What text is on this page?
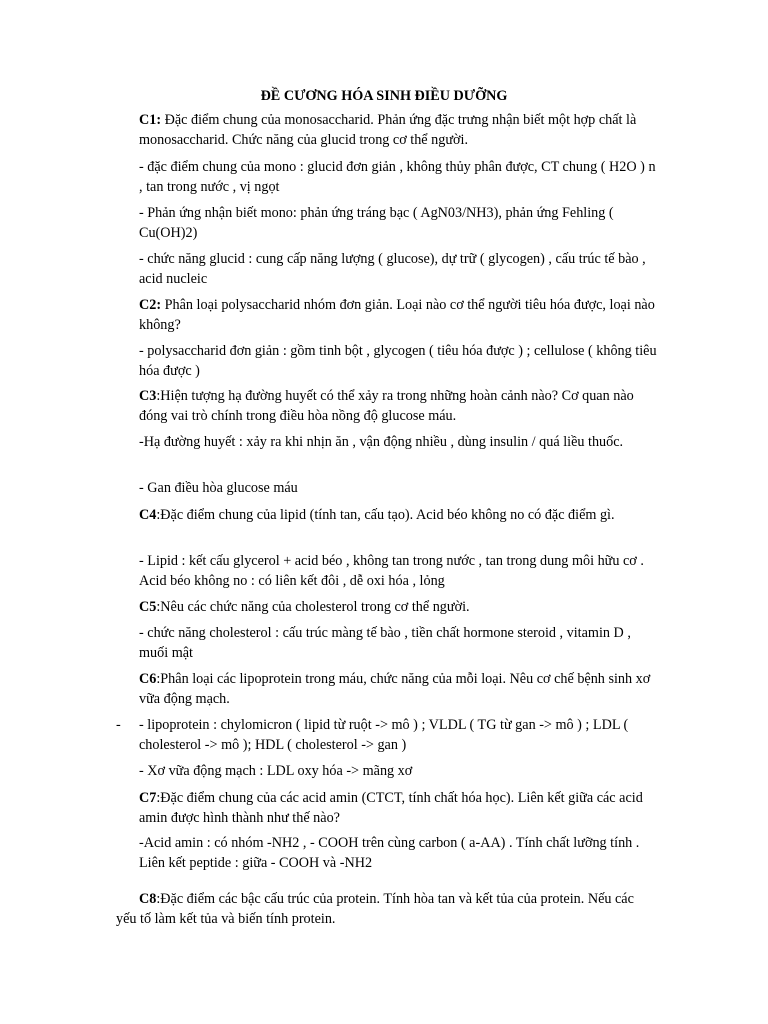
ĐỀ CƯƠNG HÓA SINH ĐIỀU DƯỠNG

C1: Đặc điểm chung của monosaccharid. Phản ứng đặc trưng nhận biết một hợp chất là monosaccharid. Chức năng của glucid trong cơ thể người.

- đặc điểm chung của mono : glucid đơn giản , không thủy phân được, CT chung ( H2O ) n , tan trong nước , vị ngọt

- Phản ứng nhận biết mono: phản ứng tráng bạc ( AgN03/NH3), phản ứng Fehling ( Cu(OH)2)

- chức năng glucid : cung cấp năng lượng ( glucose), dự trữ ( glycogen) , cấu trúc tế bào , acid nucleic

C2: Phân loại polysaccharid nhóm đơn giản. Loại nào cơ thể người tiêu hóa được, loại nào không?

- polysaccharid đơn giản : gồm tinh bột , glycogen ( tiêu hóa được ) ; cellulose ( không tiêu hóa được )

C3:Hiện tượng hạ đường huyết có thể xảy ra trong những hoàn cảnh nào? Cơ quan nào đóng vai trò chính trong điều hòa nồng độ glucose máu.

-Hạ đường huyết : xảy ra khi nhịn ăn , vận động nhiều , dùng insulin / quá liều thuốc.

- Gan điều hòa glucose máu

C4:Đặc điểm chung của lipid (tính tan, cấu tạo). Acid béo không no có đặc điểm gì.

- Lipid : kết cấu glycerol + acid béo , không tan trong nước , tan trong dung môi hữu cơ . Acid béo không no : có liên kết đôi , dễ oxi hóa , lỏng

C5:Nêu các chức năng của cholesterol trong cơ thể người.

- chức năng cholesterol : cấu trúc màng tế bào , tiền chất hormone steroid , vitamin D , muối mật

C6:Phân loại các lipoprotein trong máu, chức năng của mỗi loại. Nêu cơ chế bệnh sinh xơ vữa động mạch.

- - lipoprotein : chylomicron ( lipid từ ruột -> mô ) ; VLDL ( TG từ gan -> mô ) ; LDL ( cholesterol -> mô ); HDL ( cholesterol -> gan )

- Xơ vữa động mạch : LDL oxy hóa -> mãng xơ

C7:Đặc điểm chung của các acid amin (CTCT, tính chất hóa học). Liên kết giữa các acid amin được hình thành như thế nào?

-Acid amin : có nhóm -NH2 , - COOH trên cùng carbon ( a-AA) . Tính chất lưỡng tính . Liên kết peptide : giữa - COOH và -NH2

C8:Đặc điểm các bậc cấu trúc của protein. Tính hòa tan và kết tủa của protein. Nếu các yếu tố làm kết tủa và biến tính protein.
